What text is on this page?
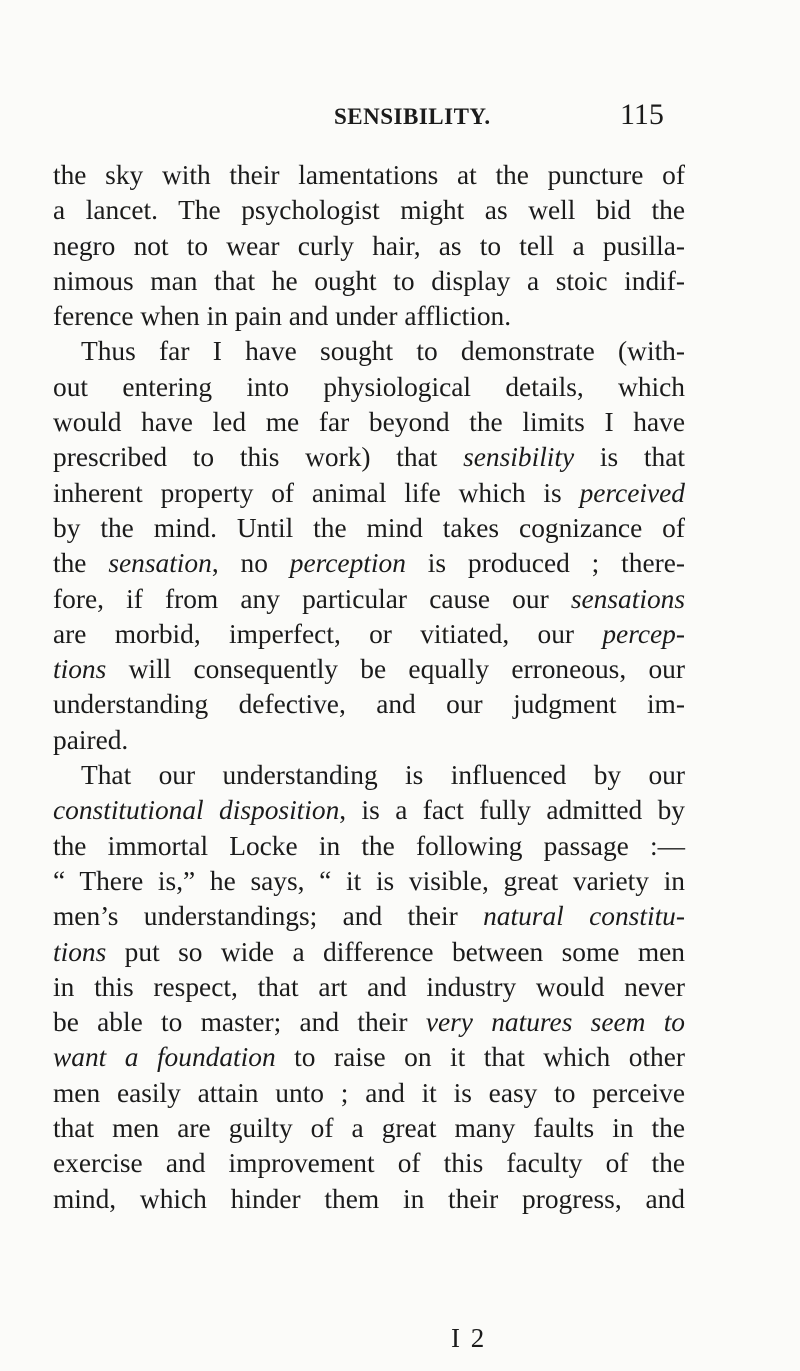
SENSIBILITY.	115
the sky with their lamentations at the puncture of
a lancet. The psychologist might as well bid the
negro not to wear curly hair, as to tell a pusilla-
nimous man that he ought to display a stoic indif-
ference when in pain and under affliction.
Thus far I have sought to demonstrate (with-
out entering into physiological details, which
would have led me far beyond the limits I have
prescribed to this work) that sensibility is that
inherent property of animal life which is perceived
by the mind. Until the mind takes cognizance of
the sensation, no perception is produced ; there-
fore, if from any particular cause our sensations
are morbid, imperfect, or vitiated, our percep-
tions will consequently be equally erroneous, our
understanding defective, and our judgment im-
paired.
That our understanding is influenced by our
constitutional disposition, is a fact fully admitted by
the immortal Locke in the following passage :—
“ There is,” he says, “ it is visible, great variety in
men’s understandings; and their natural constitu-
tions put so wide a difference between some men
in this respect, that art and industry would never
be able to master; and their very natures seem to
want a foundation to raise on it that which other
men easily attain unto ; and it is easy to perceive
that men are guilty of a great many faults in the
exercise and improvement of this faculty of the
mind, which hinder them in their progress, and
I 2
